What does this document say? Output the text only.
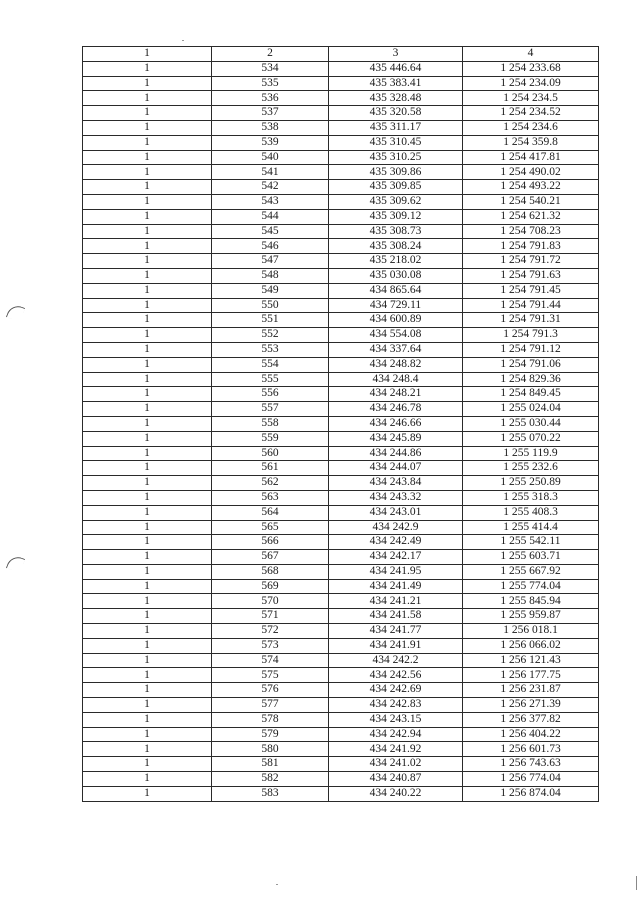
1	2	3	4
1	534	435 446.64	1 254 233.68
1	535	435 383.41	1 254 234.09
1	536	435 328.48	1 254 234.5
1	537	435 320.58	1 254 234.52
1	538	435 311.17	1 254 234.6
1	539	435 310.45	1 254 359.8
1	540	435 310.25	1 254 417.81
1	541	435 309.86	1 254 490.02
1	542	435 309.85	1 254 493.22
1	543	435 309.62	1 254 540.21
1	544	435 309.12	1 254 621.32
1	545	435 308.73	1 254 708.23
1	546	435 308.24	1 254 791.83
1	547	435 218.02	1 254 791.72
1	548	435 030.08	1 254 791.63
1	549	434 865.64	1 254 791.45
1	550	434 729.11	1 254 791.44
1	551	434 600.89	1 254 791.31
1	552	434 554.08	1 254 791.3
1	553	434 337.64	1 254 791.12
1	554	434 248.82	1 254 791.06
1	555	434 248.4	1 254 829.36
1	556	434 248.21	1 254 849.45
1	557	434 246.78	1 255 024.04
1	558	434 246.66	1 255 030.44
1	559	434 245.89	1 255 070.22
1	560	434 244.86	1 255 119.9
1	561	434 244.07	1 255 232.6
1	562	434 243.84	1 255 250.89
1	563	434 243.32	1 255 318.3
1	564	434 243.01	1 255 408.3
1	565	434 242.9	1 255 414.4
1	566	434 242.49	1 255 542.11
1	567	434 242.17	1 255 603.71
1	568	434 241.95	1 255 667.92
1	569	434 241.49	1 255 774.04
1	570	434 241.21	1 255 845.94
1	571	434 241.58	1 255 959.87
1	572	434 241.77	1 256 018.1
1	573	434 241.91	1 256 066.02
1	574	434 242.2	1 256 121.43
1	575	434 242.56	1 256 177.75
1	576	434 242.69	1 256 231.87
1	577	434 242.83	1 256 271.39
1	578	434 243.15	1 256 377.82
1	579	434 242.94	1 256 404.22
1	580	434 241.92	1 256 601.73
1	581	434 241.02	1 256 743.63
1	582	434 240.87	1 256 774.04
1	583	434 240.22	1 256 874.04
